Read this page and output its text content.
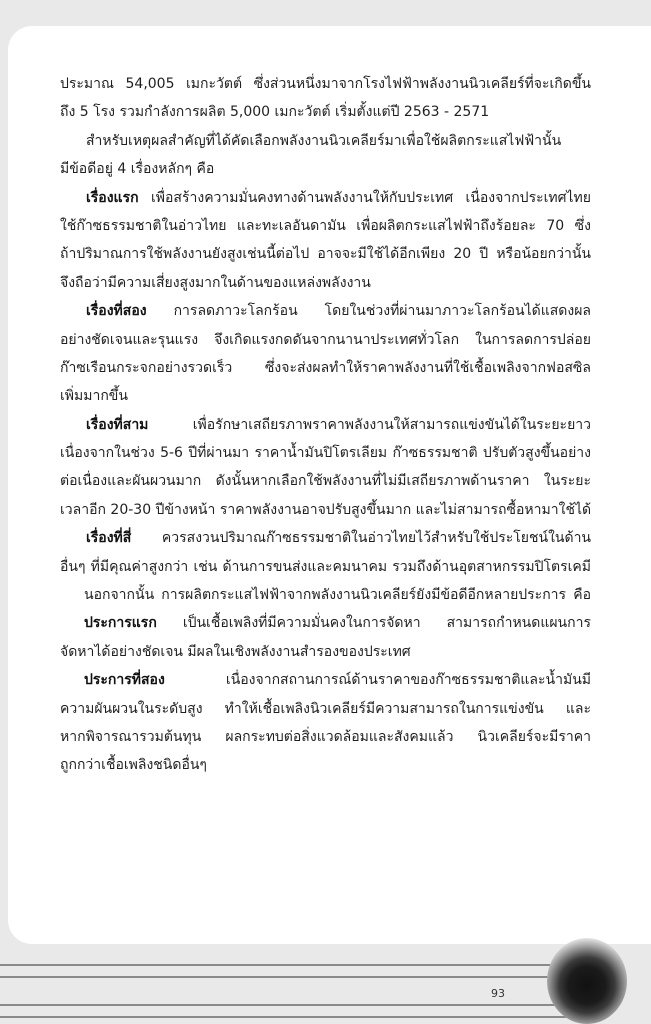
ประมาณ 54,005 เมกะวัตต์ ซึ่งส่วนหนึ่งมาจากโรงไฟฟ้าพลังงานนิวเคลียร์ที่จะเกิดขึ้น
ถึง 5 โรง รวมกำลังการผลิต 5,000 เมกะวัตต์ เริ่มตั้งแต่ปี 2563 - 2571
สำหรับเหตุผลสำคัญที่ได้คัดเลือกพลังงานนิวเคลียร์มาเพื่อใช้ผลิตกระแสไฟฟ้านั้น
มีข้อดีอยู่ 4 เรื่องหลักๆ คือ
เรื่องแรก เพื่อสร้างความมั่นคงทางด้านพลังงานให้กับประเทศ เนื่องจากประเทศไทย
ใช้ก๊าซธรรมชาติในอ่าวไทย และทะเลอันดามัน เพื่อผลิตกระแสไฟฟ้าถึงร้อยละ 70 ซึ่ง
ถ้าปริมาณการใช้พลังงานยังสูงเช่นนี้ต่อไป อาจจะมีใช้ได้อีกเพียง 20 ปี หรือน้อยกว่านั้น
จึงถือว่ามีความเสี่ยงสูงมากในด้านของแหล่งพลังงาน
เรื่องที่สอง การลดภาวะโลกร้อน โดยในช่วงที่ผ่านมาภาวะโลกร้อนได้แสดงผล
อย่างชัดเจนและรุนแรง จึงเกิดแรงกดดันจากนานาประเทศทั่วโลก ในการลดการปล่อย
ก๊าซเรือนกระจกอย่างรวดเร็ว ซึ่งจะส่งผลทำให้ราคาพลังงานที่ใช้เชื้อเพลิงจากฟอสซิล
เพิ่มมากขึ้น
เรื่องที่สาม เพื่อรักษาเสถียรภาพราคาพลังงานให้สามารถแข่งขันได้ในระยะยาว
เนื่องจากในช่วง 5-6 ปีที่ผ่านมา ราคาน้ำมันปิโตรเลียม ก๊าซธรรมชาติ ปรับตัวสูงขึ้นอย่าง
ต่อเนื่องและผันผวนมาก ดังนั้นหากเลือกใช้พลังงานที่ไม่มีเสถียรภาพด้านราคา ในระยะ
เวลาอีก 20-30 ปีข้างหน้า ราคาพลังงานอาจปรับสูงขึ้นมาก และไม่สามารถซื้อหามาใช้ได้
เรื่องที่สี่ ควรสงวนปริมาณก๊าซธรรมชาติในอ่าวไทยไว้สำหรับใช้ประโยชน์ในด้าน
อื่นๆ ที่มีคุณค่าสูงกว่า เช่น ด้านการขนส่งและคมนาคม รวมถึงด้านอุตสาหกรรมปิโตรเคมี
นอกจากนั้น การผลิตกระแสไฟฟ้าจากพลังงานนิวเคลียร์ยังมีข้อดีอีกหลายประการ คือ
ประการแรก เป็นเชื้อเพลิงที่มีความมั่นคงในการจัดหา สามารถกำหนดแผนการ
จัดหาได้อย่างชัดเจน มีผลในเชิงพลังงานสำรองของประเทศ
ประการที่สอง เนื่องจากสถานการณ์ด้านราคาของก๊าซธรรมชาติและน้ำมันมี
ความผันผวนในระดับสูง ทำให้เชื้อเพลิงนิวเคลียร์มีความสามารถในการแข่งขัน และ
หากพิจารณารวมต้นทุน ผลกระทบต่อสิ่งแวดล้อมและสังคมแล้ว นิวเคลียร์จะมีราคา
ถูกกว่าเชื้อเพลิงชนิดอื่นๆ
93
